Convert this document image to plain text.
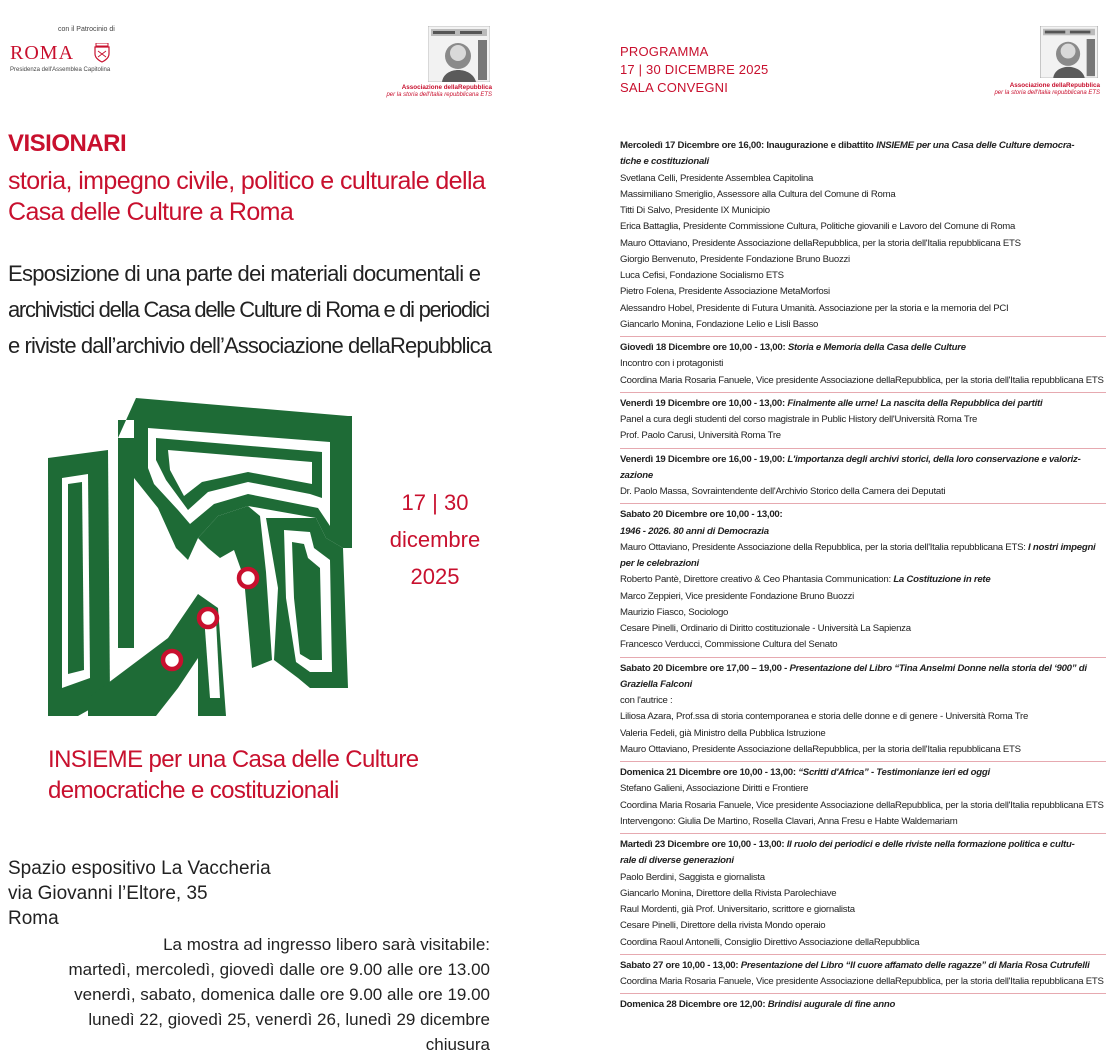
con il Patrocinio di
ROMA
Presidenza dell'Assemblea Capitolina
Associazione dellaRepubblica
per la storia dell'Italia repubblicana ETS
VISIONARI
storia, impegno civile, politico e culturale della
Casa delle Culture a Roma
Esposizione di una parte dei materiali documentali e
archivistici della Casa delle Culture di Roma e di periodici
e riviste dall’archivio dell’Associazione dellaRepubblica
17 | 30
dicembre
2025
INSIEME per una Casa delle Culture
democratiche e costituzionali
Spazio espositivo La Vaccheria
via Giovanni l’Eltore, 35
Roma
La mostra ad ingresso libero sarà visitabile:
martedì, mercoledì, giovedì dalle ore 9.00 alle ore 13.00
venerdì, sabato, domenica dalle ore 9.00 alle ore 19.00
lunedì 22, giovedì 25, venerdì 26, lunedì 29 dicembre chiusura
PROGRAMMA
17 | 30 DICEMBRE 2025
SALA CONVEGNI	Associazione dellaRepubblica
per la storia dell'Italia repubblicana ETS
Mercoledì 17 Dicembre ore 16,00: Inaugurazione e dibattito INSIEME per una Casa delle Culture democra-
tiche e costituzionali
Svetlana Celli, Presidente Assemblea Capitolina
Massimiliano Smeriglio, Assessore alla Cultura del Comune di Roma
Titti Di Salvo, Presidente IX Municipio
Erica Battaglia, Presidente Commissione Cultura, Politiche giovanili e Lavoro del Comune di Roma
Mauro Ottaviano, Presidente Associazione dellaRepubblica, per la storia dell'Italia repubblicana ETS
Giorgio Benvenuto, Presidente Fondazione Bruno Buozzi
Luca Cefisi, Fondazione Socialismo ETS
Pietro Folena, Presidente Associazione MetaMorfosi
Alessandro Hobel, Presidente di Futura Umanità. Associazione per la storia e la memoria del PCI
Giancarlo Monina, Fondazione Lelio e Lisli Basso
Giovedì 18 Dicembre ore 10,00 - 13,00: Storia e Memoria della Casa delle Culture
Incontro con i protagonisti
Coordina Maria Rosaria Fanuele, Vice presidente Associazione dellaRepubblica, per la storia dell'Italia repubblicana ETS
Venerdì 19 Dicembre ore 10,00 - 13,00: Finalmente alle urne! La nascita della Repubblica dei partiti
Panel a cura degli studenti del corso magistrale in Public History dell'Università Roma Tre
Prof. Paolo Carusi, Università Roma Tre
Venerdì 19 Dicembre ore 16,00 - 19,00: L'importanza degli archivi storici, della loro conservazione e valoriz-
zazione
Dr. Paolo Massa, Sovraintendente dell'Archivio Storico della Camera dei Deputati
Sabato 20 Dicembre ore 10,00 - 13,00:
1946 - 2026. 80 anni di Democrazia
Mauro Ottaviano, Presidente Associazione della Repubblica, per la storia dell'Italia repubblicana ETS: I nostri impegni
per le celebrazioni
Roberto Pantè, Direttore creativo & Ceo Phantasia Communication: La Costituzione in rete
Marco Zeppieri, Vice presidente Fondazione Bruno Buozzi
Maurizio Fiasco, Sociologo
Cesare Pinelli, Ordinario di Diritto costituzionale - Università La Sapienza
Francesco Verducci, Commissione Cultura del Senato
Sabato 20 Dicembre ore 17,00 – 19,00 - Presentazione del Libro “Tina Anselmi Donne nella storia del ‘900” di
Graziella Falconi
con l'autrice :
Liliosa Azara, Prof.ssa di storia contemporanea e storia delle donne e di genere - Università Roma Tre
Valeria Fedeli, già Ministro della Pubblica Istruzione
Mauro Ottaviano, Presidente Associazione dellaRepubblica, per la storia dell'Italia repubblicana ETS
Domenica 21 Dicembre ore 10,00 - 13,00: “Scritti d'Africa” - Testimonianze ieri ed oggi
Stefano Galieni, Associazione Diritti e Frontiere
Coordina Maria Rosaria Fanuele, Vice presidente Associazione dellaRepubblica, per la storia dell'Italia repubblicana ETS
Intervengono: Giulia De Martino, Rosella Clavari, Anna Fresu e Habte Waldemariam
Martedì 23 Dicembre ore 10,00 - 13,00: Il ruolo dei periodici e delle riviste nella formazione politica e cultu-
rale di diverse generazioni
Paolo Berdini, Saggista e giornalista
Giancarlo Monina, Direttore della Rivista Parolechiave
Raul Mordenti, già Prof. Universitario, scrittore e giornalista
Cesare Pinelli, Direttore della rivista Mondo operaio
Coordina Raoul Antonelli, Consiglio Direttivo Associazione dellaRepubblica
Sabato 27 ore 10,00 - 13,00: Presentazione del Libro “Il cuore affamato delle ragazze” di Maria Rosa Cutrufelli
Coordina Maria Rosaria Fanuele, Vice presidente Associazione dellaRepubblica, per la storia dell'Italia repubblicana ETS
Domenica 28 Dicembre ore 12,00: Brindisi augurale di fine anno
